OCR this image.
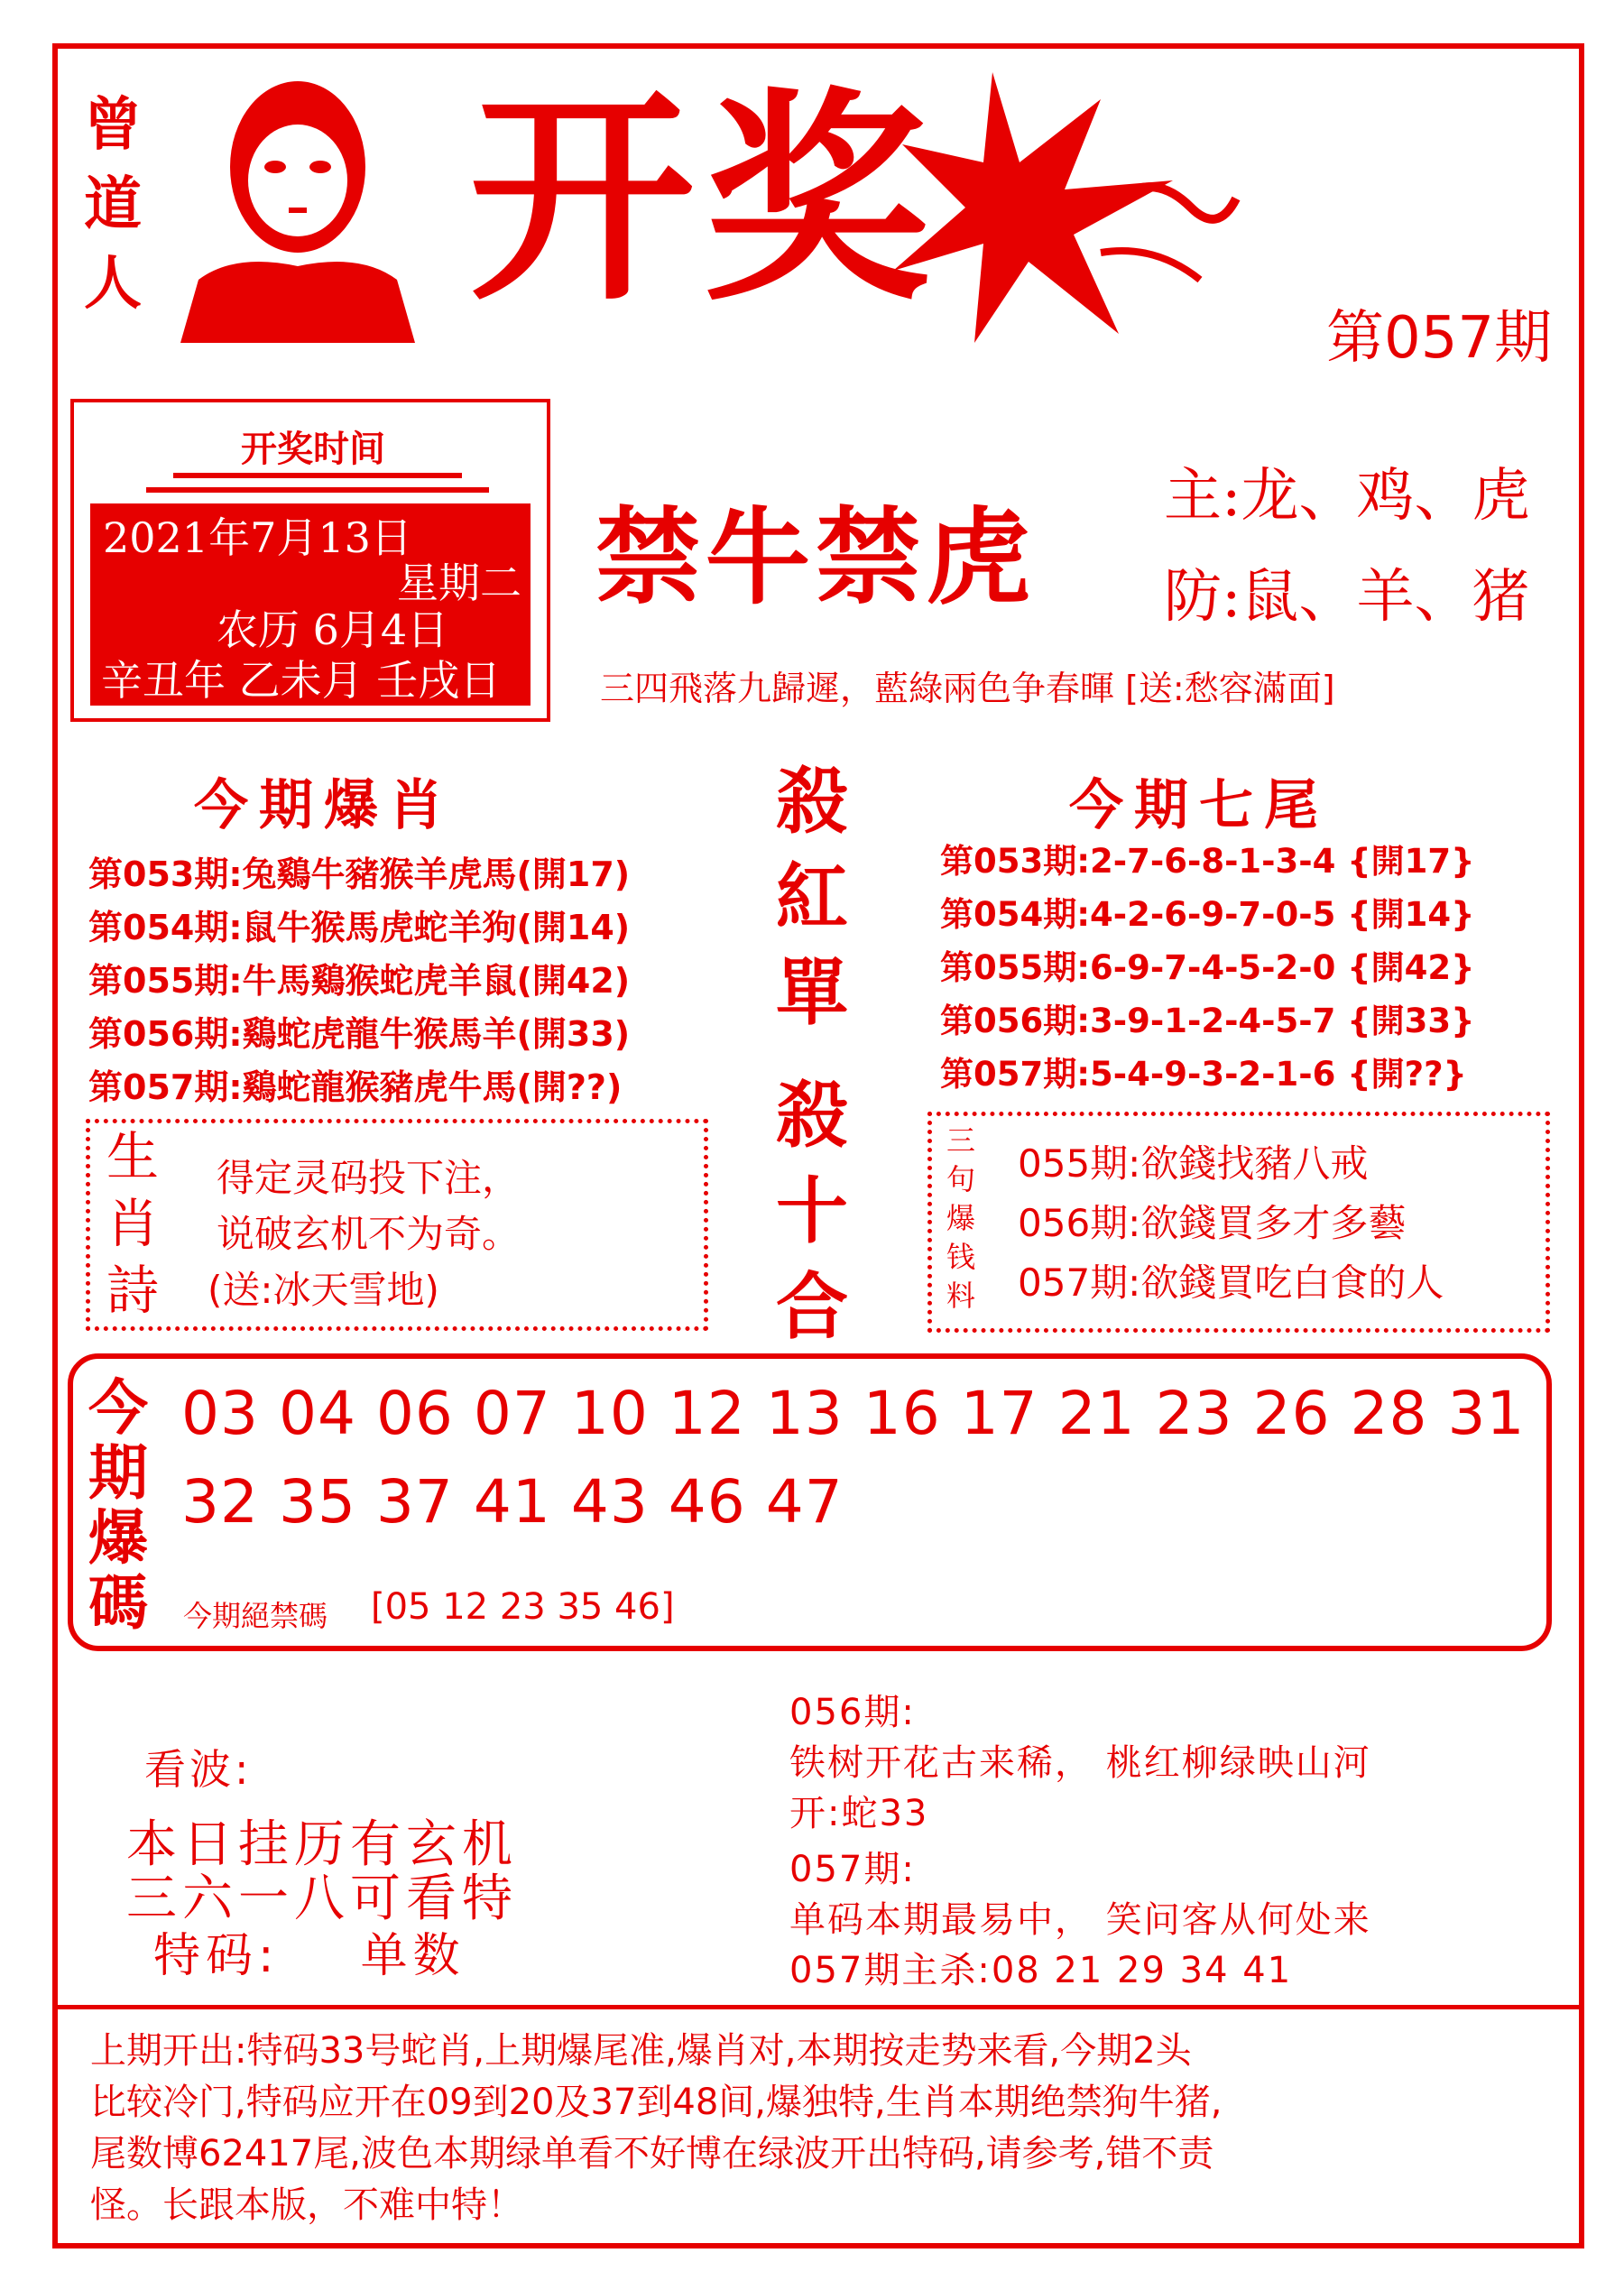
曾
道
人 开奖
第057期
开奖时间
2021年7月13日
星期二
农历 6月4日
辛丑年 乙未月 壬戌日
禁牛禁虎 主:龙、鸡、虎
防:鼠、羊、猪
三四飛落九歸遲，藍綠兩色争春暉 [送:愁容滿面]
今期爆肖
第053期:兔鷄牛豬猴羊虎馬(開17)
第054期:鼠牛猴馬虎蛇羊狗(開14)
第055期:牛馬鷄猴蛇虎羊鼠(開42)
第056期:鷄蛇虎龍牛猴馬羊(開33)
第057期:鷄蛇龍猴豬虎牛馬(開??)
殺
紅
單
殺
十
合
今期七尾
第053期:2-7-6-8-1-3-4 {開17}
第054期:4-2-6-9-7-0-5 {開14}
第055期:6-9-7-4-5-2-0 {開42}
第056期:3-9-1-2-4-5-7 {開33}
第057期:5-4-9-3-2-1-6 {開??}
生
肖
詩
得定灵码投下注，
说破玄机不为奇。
(送:冰天雪地)
三
句
爆
钱
料
055期:欲錢找豬八戒
056期:欲錢買多才多藝
057期:欲錢買吃白食的人
今
期
爆
碼
03 04 06 07 10 12 13 16 17 21 23 26 28 31
32 35 37 41 43 46 47
今期絕禁碼 [05 12 23 35 46]
看波:
本日挂历有玄机
三六一八可看特
特码:    单数
056期:
铁树开花古来稀， 桃红柳绿映山河
开:蛇33
057期:
单码本期最易中， 笑问客从何处来
057期主杀:08 21 29 34 41
上期开出:特码33号蛇肖,上期爆尾准,爆肖对,本期按走势来看,今期2头
比较冷门,特码应开在09到20及37到48间,爆独特,生肖本期绝禁狗牛猪,
尾数博62417尾,波色本期绿单看不好博在绿波开出特码,请参考,错不责
怪。长跟本版，不难中特！
